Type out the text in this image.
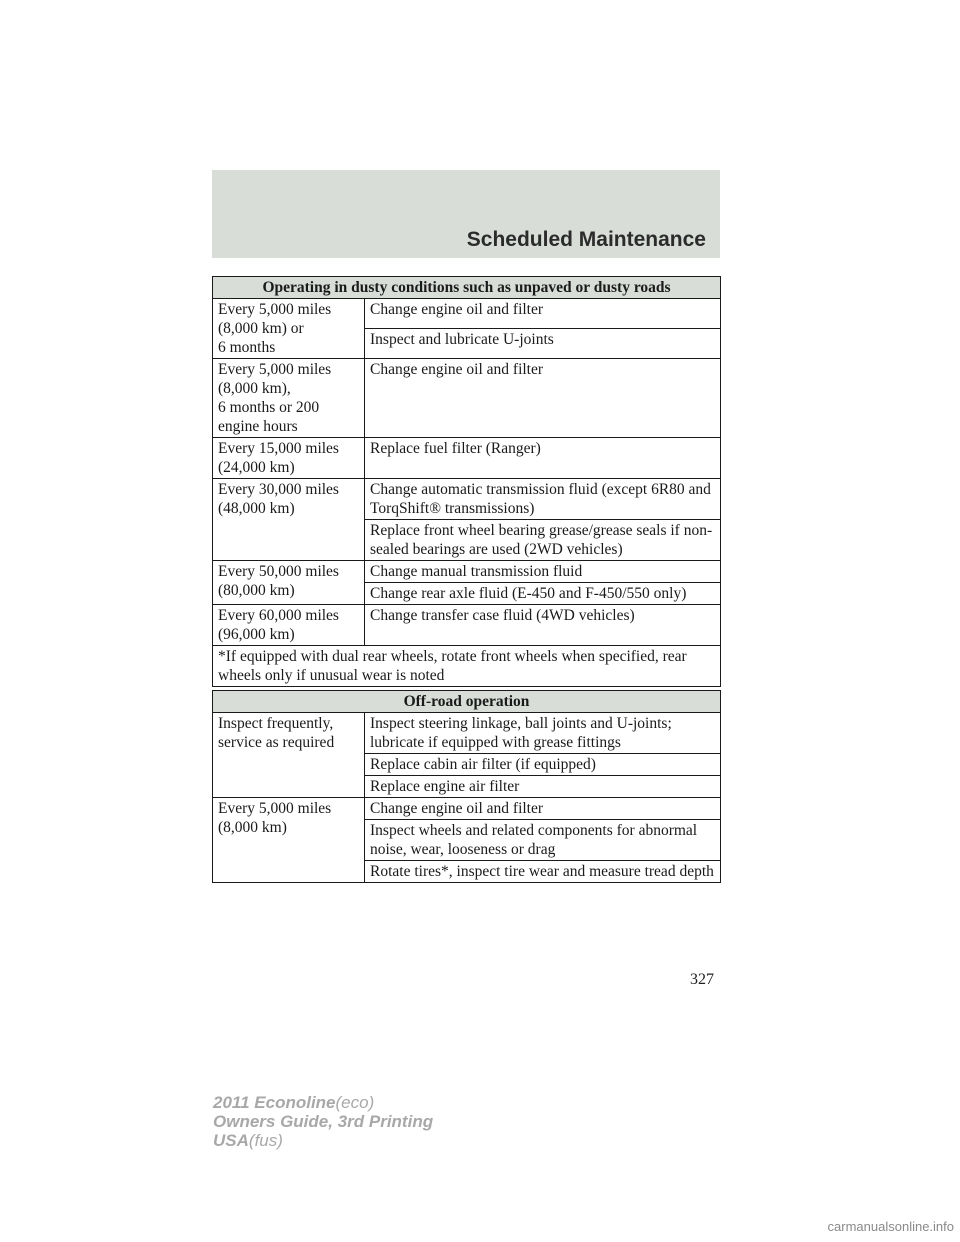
Scheduled Maintenance
Operating in dusty conditions such as unpaved or dusty roads	
Every 5,000 miles
(8,000 km) or
6 months	Change engine oil and filter
	Inspect and lubricate U-joints
Every 5,000 miles
(8,000 km),
6 months or 200
engine hours	Change engine oil and filter
Every 15,000 miles
(24,000 km)	Replace fuel filter (Ranger)
Every 30,000 miles
(48,000 km)	Change automatic transmission fluid (except 6R80 and TorqShift® transmissions)
	Replace front wheel bearing grease/grease seals if non-sealed bearings are used (2WD vehicles)
Every 50,000 miles
(80,000 km)	Change manual transmission fluid
	Change rear axle fluid (E-450 and F-450/550 only)
Every 60,000 miles
(96,000 km)	Change transfer case fluid (4WD vehicles)
*If equipped with dual rear wheels, rotate front wheels when specified, rear wheels only if unusual wear is noted	
Off-road operation	
Inspect frequently,
service as required	Inspect steering linkage, ball joints and U-joints; lubricate if equipped with grease fittings
	Replace cabin air filter (if equipped)
	Replace engine air filter
Every 5,000 miles
(8,000 km)	Change engine oil and filter
	Inspect wheels and related components for abnormal noise, wear, looseness or drag
	Rotate tires*, inspect tire wear and measure tread depth
327
2011 Econoline(eco)
Owners Guide, 3rd Printing
USA(fus)
carmanualsonline.info
